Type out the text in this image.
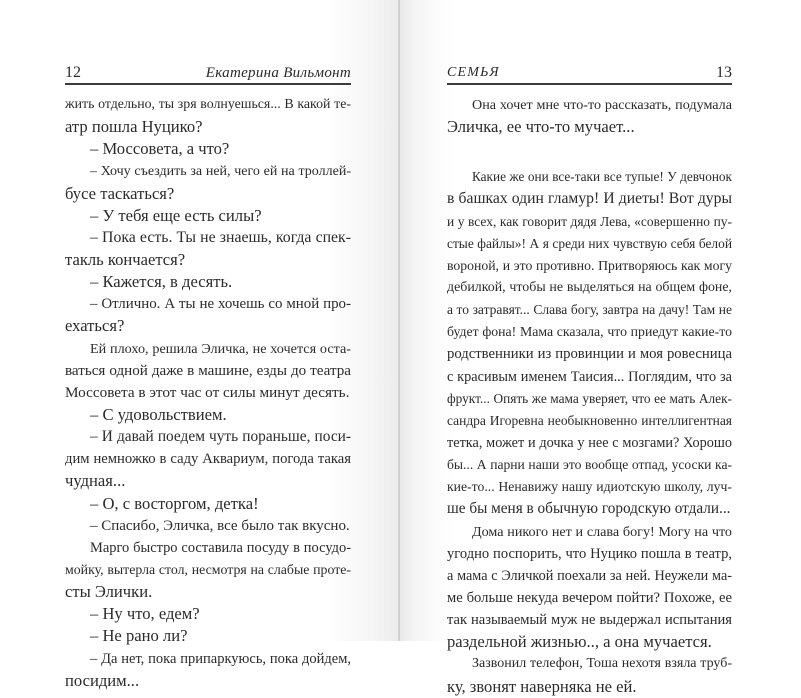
12	Екатерина Вильмонт
жить отдельно, ты зря волнуешься... В какой те-
атр пошла Нуцико?
– Моссовета, а что?
– Хочу съездить за ней, чего ей на троллей-
бусе таскаться?
– У тебя еще есть силы?
– Пока есть. Ты не знаешь, когда спек-
такль кончается?
– Кажется, в десять.
– Отлично. А ты не хочешь со мной про-
ехаться?
Ей плохо, решила Эличка, не хочется оста-
ваться одной даже в машине, езды до театра
Моссовета в этот час от силы минут десять.
– С удовольствием.
– И давай поедем чуть пораньше, поси-
дим немножко в саду Аквариум, погода такая
чудная...
– О, с восторгом, детка!
– Спасибо, Эличка, все было так вкусно.
Марго быстро составила посуду в посудо-
мойку, вытерла стол, несмотря на слабые проте-
сты Элички.
– Ну что, едем?
– Не рано ли?
– Да нет, пока припаркуюсь, пока дойдем,
посидим...
СЕМЬЯ	13
Она хочет мне что-то рассказать, подумала
Эличка, ее что-то мучает...
Какие же они все-таки все тупые! У девчонок
в башках один гламур! И диеты! Вот дуры
и у всех, как говорит дядя Лева, «совершенно пу-
стые файлы»! А я среди них чувствую себя белой
вороной, и это противно. Притворяюсь как могу
дебилкой, чтобы не выделяться на общем фоне,
а то затравят... Слава богу, завтра на дачу! Там не
будет фона! Мама сказала, что приедут какие-то
родственники из провинции и моя ровесница
с красивым именем Таисия... Поглядим, что за
фрукт... Опять же мама уверяет, что ее мать Алек-
сандра Игоревна необыкновенно интеллигентная
тетка, может и дочка у нее с мозгами? Хорошо
бы... А парни наши это вообще отпад, усоски ка-
кие-то... Ненавижу нашу идиотскую школу, луч-
ше бы меня в обычную городскую отдали...
Дома никого нет и слава богу! Могу на что
угодно поспорить, что Нуцико пошла в театр,
а мама с Эличкой поехали за ней. Неужели ма-
ме больше некуда вечером пойти? Похоже, ее
так называемый муж не выдержал испытания
раздельной жизнью.., а она мучается.
Зазвонил телефон, Тоша нехотя взяла труб-
ку, звонят наверняка не ей.
